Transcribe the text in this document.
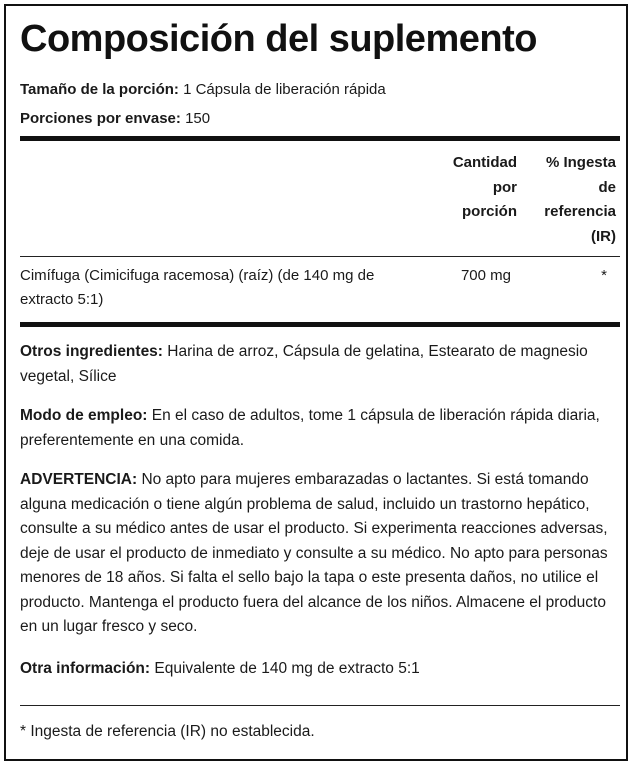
Composición del suplemento
Tamaño de la porción: 1 Cápsula de liberación rápida
Porciones por envase: 150
Cantidad
por
porción
% Ingesta
de
referencia
(IR)
Cimífuga (Cimicifuga racemosa) (raíz) (de 140 mg de extracto 5:1)
700 mg	*

Otros ingredientes: Harina de arroz, Cápsula de gelatina, Estearato de magnesio vegetal, Sílice

Modo de empleo: En el caso de adultos, tome 1 cápsula de liberación rápida diaria, preferentemente en una comida.

ADVERTENCIA: No apto para mujeres embarazadas o lactantes. Si está tomando alguna medicación o tiene algún problema de salud, incluido un trastorno hepático, consulte a su médico antes de usar el producto. Si experimenta reacciones adversas, deje de usar el producto de inmediato y consulte a su médico. No apto para personas menores de 18 años. Si falta el sello bajo la tapa o este presenta daños, no utilice el producto. Mantenga el producto fuera del alcance de los niños. Almacene el producto en un lugar fresco y seco.

Otra información: Equivalente de 140 mg de extracto 5:1

* Ingesta de referencia (IR) no establecida.
